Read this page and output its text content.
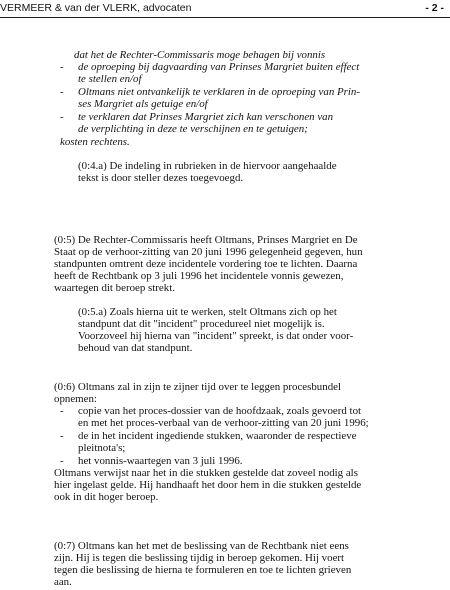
VERMEER & van der VLERK, advocaten	- 2 -
dat het de Rechter-Commissaris moge behagen bij vonnis
- de oproeping bij dagvaarding van Prinses Margriet buiten effect
te stellen en/of
- Oltmans niet ontvankelijk te verklaren in de oproeping van Prin-
ses Margriet als getuige en/of
- te verklaren dat Prinses Margriet zich kan verschonen van
de verplichting in deze te verschijnen en te getuigen;
kosten rechtens.
(0:4.a) De indeling in rubrieken in de hiervoor aangehaalde
tekst is door steller dezes toegevoegd.
(0:5) De Rechter-Commissaris heeft Oltmans, Prinses Margriet en De
Staat op de verhoor-zitting van 20 juni 1996 gelegenheid gegeven, hun
standpunten omtrent deze incidentele vordering toe te lichten. Daarna
heeft de Rechtbank op 3 juli 1996 het incidentele vonnis gewezen,
waartegen dit beroep strekt.
(0:5.a) Zoals hierna uit te werken, stelt Oltmans zich op het
standpunt dat dit "incident" procedureel niet mogelijk is.
Voorzoveel hij hierna van "incident" spreekt, is dat onder voor-
behoud van dat standpunt.
(0:6) Oltmans zal in zijn te zijner tijd over te leggen procesbundel
opnemen:
- copie van het proces-dossier van de hoofdzaak, zoals gevoerd tot
en met het proces-verbaal van de verhoor-zitting van 20 juni 1996;
- de in het incident ingediende stukken, waaronder de respectieve
pleitnota's;
- het vonnis-waartegen van 3 juli 1996.
Oltmans verwijst naar het in die stukken gestelde dat zoveel nodig als
hier ingelast gelde. Hij handhaaft het door hem in die stukken gestelde
ook in dit hoger beroep.
(0:7) Oltmans kan het met de beslissing van de Rechtbank niet eens
zijn. Hij is tegen die beslissing tijdig in beroep gekomen. Hij voert
tegen die beslissing de hierna te formuleren en toe te lichten grieven
aan.
